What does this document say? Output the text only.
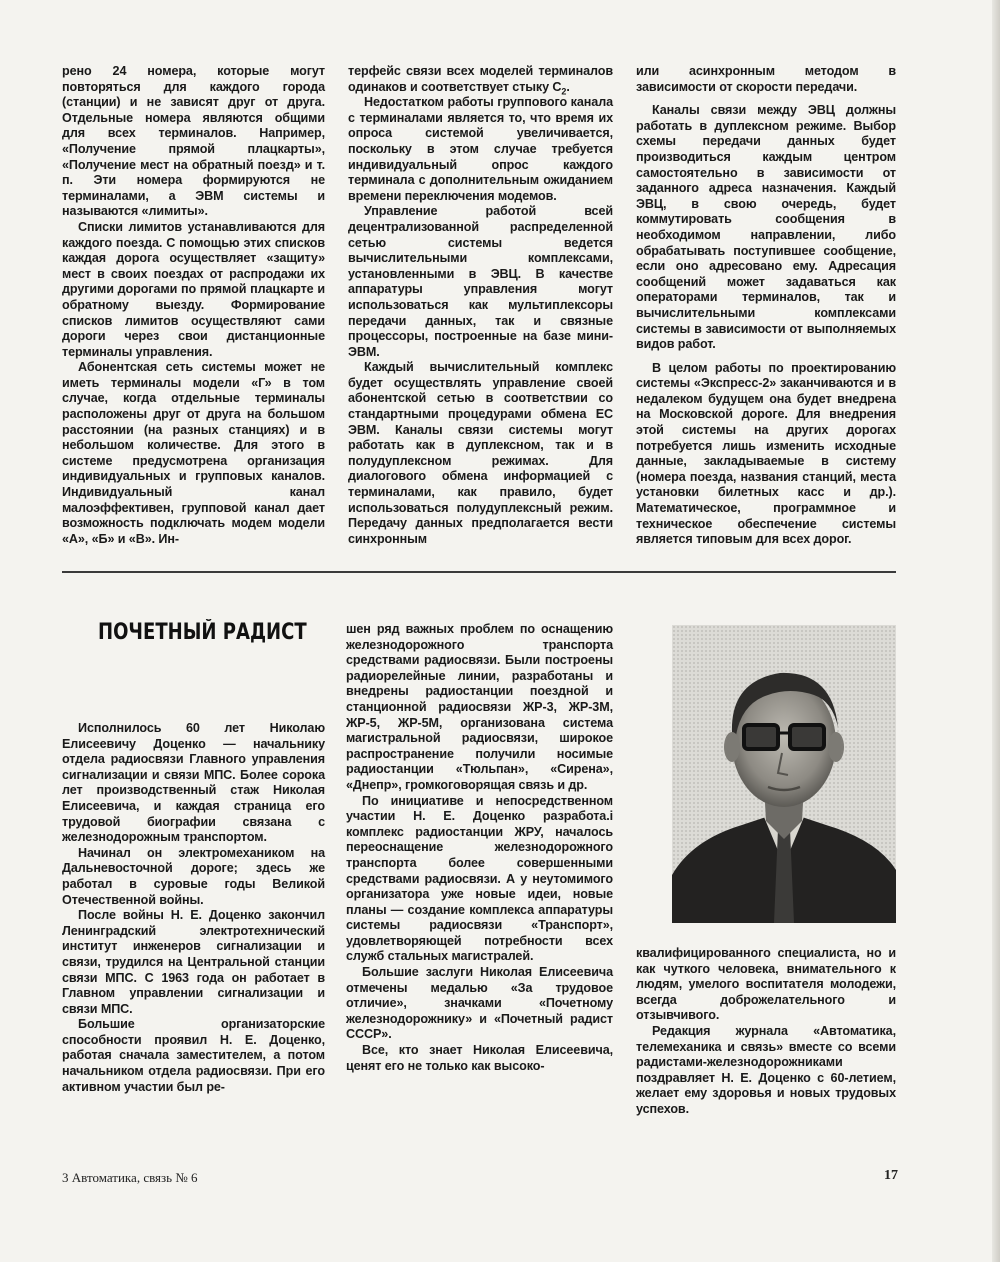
рено 24 номера, которые могут повторяться для каждого города (станции) и не зависят друг от друга. Отдельные номера являются общими для всех терминалов. Например, «Получение прямой плацкарты», «Получение мест на обратный поезд» и т. п. Эти номера формируются не терминалами, а ЭВМ системы и называются «лимиты».

Списки лимитов устанавливаются для каждого поезда. С помощью этих списков каждая дорога осуществляет «защиту» мест в своих поездах от распродажи их другими дорогами по прямой плацкарте и обратному выезду. Формирование списков лимитов осуществляют сами дороги через свои дистанционные терминалы управления.

Абонентская сеть системы может не иметь терминалы модели «Г» в том случае, когда отдельные терминалы расположены друг от друга на большом расстоянии (на разных станциях) и в небольшом количестве. Для этого в системе предусмотрена организация индивидуальных и групповых каналов. Индивидуальный канал малоэффективен, групповой канал дает возможность подключать модем модели «А», «Б» и «В». Ин-

терфейс связи всех моделей терминалов одинаков и соответствует стыку $С_2$.

Недостатком работы группового канала с терминалами является то, что время их опроса системой увеличивается, поскольку в этом случае требуется индивидуальный опрос каждого терминала с дополнительным ожиданием времени переключения модемов.

Управление работой всей децентрализованной распределенной сетью системы ведется вычислительными комплексами, установленными в ЭВЦ. В качестве аппаратуры управления могут использоваться как мультиплексоры передачи данных, так и связные процессоры, построенные на базе мини-ЭВМ.

Каждый вычислительный комплекс будет осуществлять управление своей абонентской сетью в соответствии со стандартными процедурами обмена ЕС ЭВМ. Каналы связи системы могут работать как в дуплексном, так и в полудуплексном режимах. Для диалогового обмена информацией с терминалами, как правило, будет использоваться полудуплексный режим. Передачу данных предполагается вести синхронным

или асинхронным методом в зависимости от скорости передачи.

Каналы связи между ЭВЦ должны работать в дуплексном режиме. Выбор схемы передачи данных будет производиться каждым центром самостоятельно в зависимости от заданного адреса назначения. Каждый ЭВЦ, в свою очередь, будет коммутировать сообщения в необходимом направлении, либо обрабатывать поступившее сообщение, если оно адресовано ему. Адресация сообщений может задаваться как операторами терминалов, так и вычислительными комплексами системы в зависимости от выполняемых видов работ.

В целом работы по проектированию системы «Экспресс-2» заканчиваются и в недалеком будущем она будет внедрена на Московской дороге. Для внедрения этой системы на других дорогах потребуется лишь изменить исходные данные, закладываемые в систему (номера поезда, названия станций, места установки билетных касс и др.). Математическое, программное и техническое обеспечение системы является типовым для всех дорог.

ПОЧЕТНЫЙ РАДИСТ

Исполнилось 60 лет Николаю Елисеевичу Доценко — начальнику отдела радиосвязи Главного управления сигнализации и связи МПС. Более сорока лет производственный стаж Николая Елисеевича, и каждая страница его трудовой биографии связана с железнодорожным транспортом.

Начинал он электромехаником на Дальневосточной дороге; здесь же работал в суровые годы Великой Отечественной войны.

После войны Н. Е. Доценко закончил Ленинградский электротехнический институт инженеров сигнализации и связи, трудился на Центральной станции связи МПС. С 1963 года он работает в Главном управлении сигнализации и связи МПС.

Большие организаторские способности проявил Н. Е. Доценко, работая сначала заместителем, а потом начальником отдела радиосвязи. При его активном участии был ре-

шен ряд важных проблем по оснащению железнодорожного транспорта средствами радиосвязи. Были построены радиорелейные линии, разработаны и внедрены радиостанции поездной и станционной радиосвязи ЖР-3, ЖР-3М, ЖР-5, ЖР-5М, организована система магистральной радиосвязи, широкое распространение получили носимые радиостанции «Тюльпан», «Сирена», «Днепр», громкоговорящая связь и др.

По инициативе и непосредственном участии Н. Е. Доценко разработа.і комплекс радиостанции ЖРУ, началось переоснащение железнодорожного транспорта более совершенными средствами радиосвязи. А у неутомимого организатора уже новые идеи, новые планы — создание комплекса аппаратуры системы радиосвязи «Транспорт», удовлетворяющей потребности всех служб стальных магистралей.

Большие заслуги Николая Елисеевича отмечены медалью «За трудовое отличие», значками «Почетному железнодорожнику» и «Почетный радист СССР».

Все, кто знает Николая Елисеевича, ценят его не только как высоко-

квалифицированного специалиста, но и как чуткого человека, внимательного к людям, умелого воспитателя молодежи, всегда доброжелательного и отзывчивого.

Редакция журнала «Автоматика, телемеханика и связь» вместе со всеми радистами-железнодорожниками поздравляет Н. Е. Доценко с 60-летием, желает ему здоровья и новых трудовых успехов.

3 Автоматика, связь № 6	17
